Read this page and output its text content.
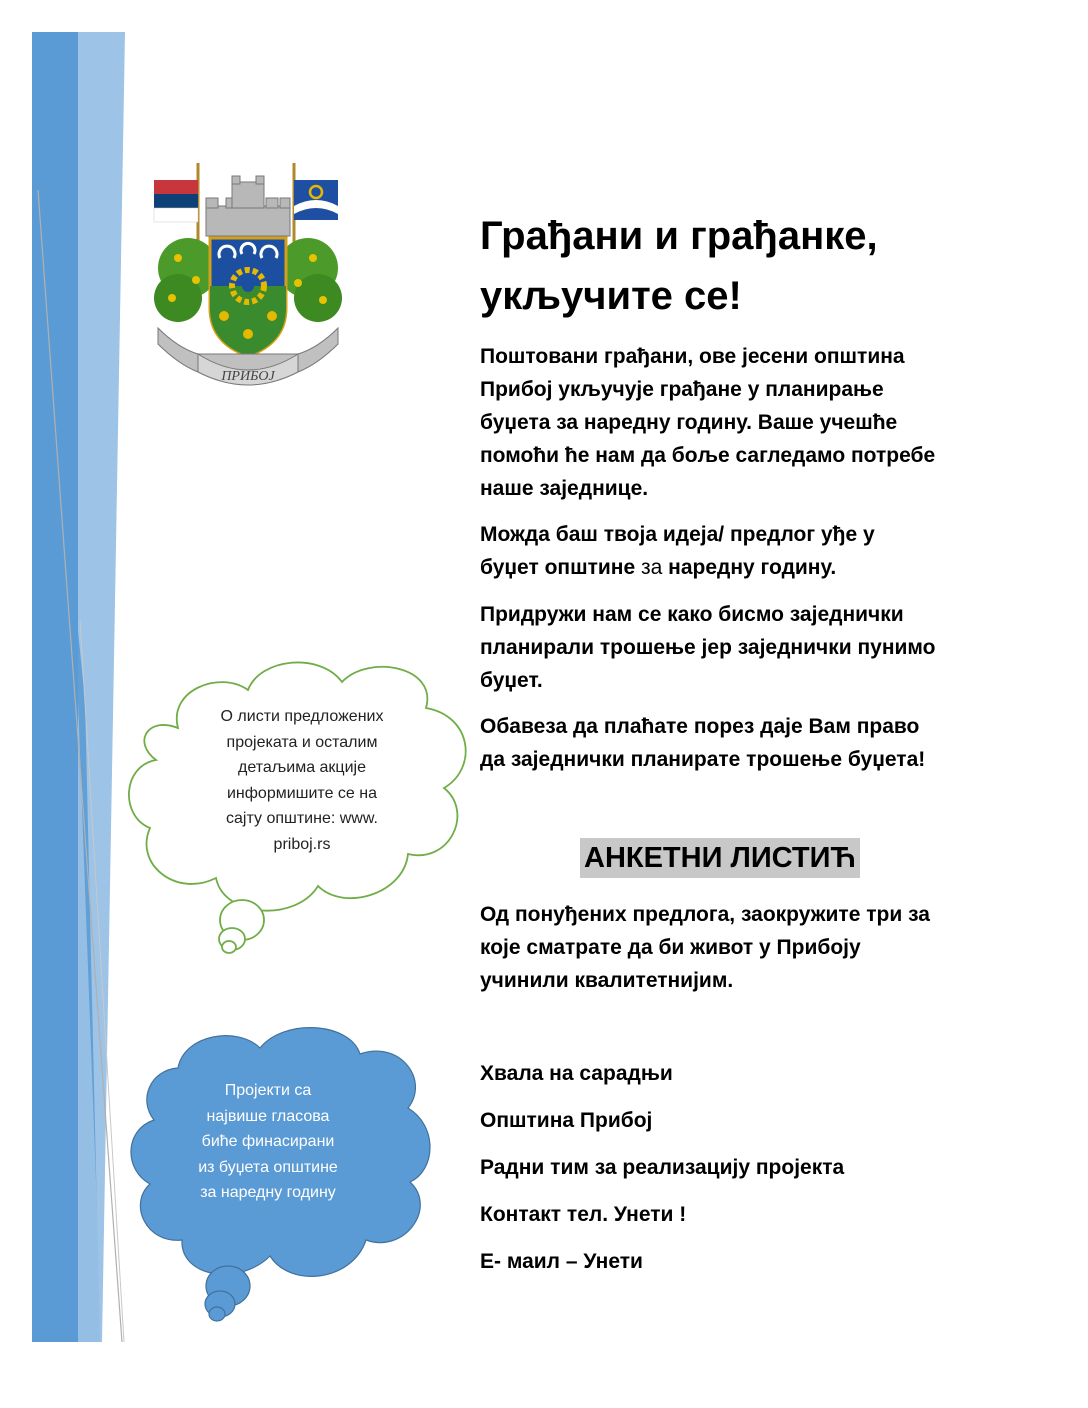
ПРИБОЈ
Грађани и грађанке,
укључите се!

Поштовани грађани, ове јесени општина
Прибој укључује грађане у планирање
буџета за наредну годину. Ваше учешће
помоћи ће нам да боље сагледамо потребе
наше заједнице.

Можда баш твоја идеја/ предлог уђе у
буџет општине за наредну годину.

Придружи нам се како бисмо заједнички
планирали трошење јер заједнички пунимо
буџет.

Обавеза да плаћате порез даје Вам право
да заједнички планирате трошење буџета!

АНКЕТНИ ЛИСТИЋ

Од понуђених предлога, заокружите три за
које сматрате да би живот у Прибоју
учинили квалитетнијим.

Хвала на сарадњи
Општина Прибој
Радни тим за реализацију пројекта
Контакт тел. Унети !
Е- маил – Унети
О листи предложених
пројеката и осталим
детаљима акције
информишите се на
сајту општине: www.
priboj.rs
Пројекти са
највише гласова
биће финасирани
из буџета општине
за наредну годину
